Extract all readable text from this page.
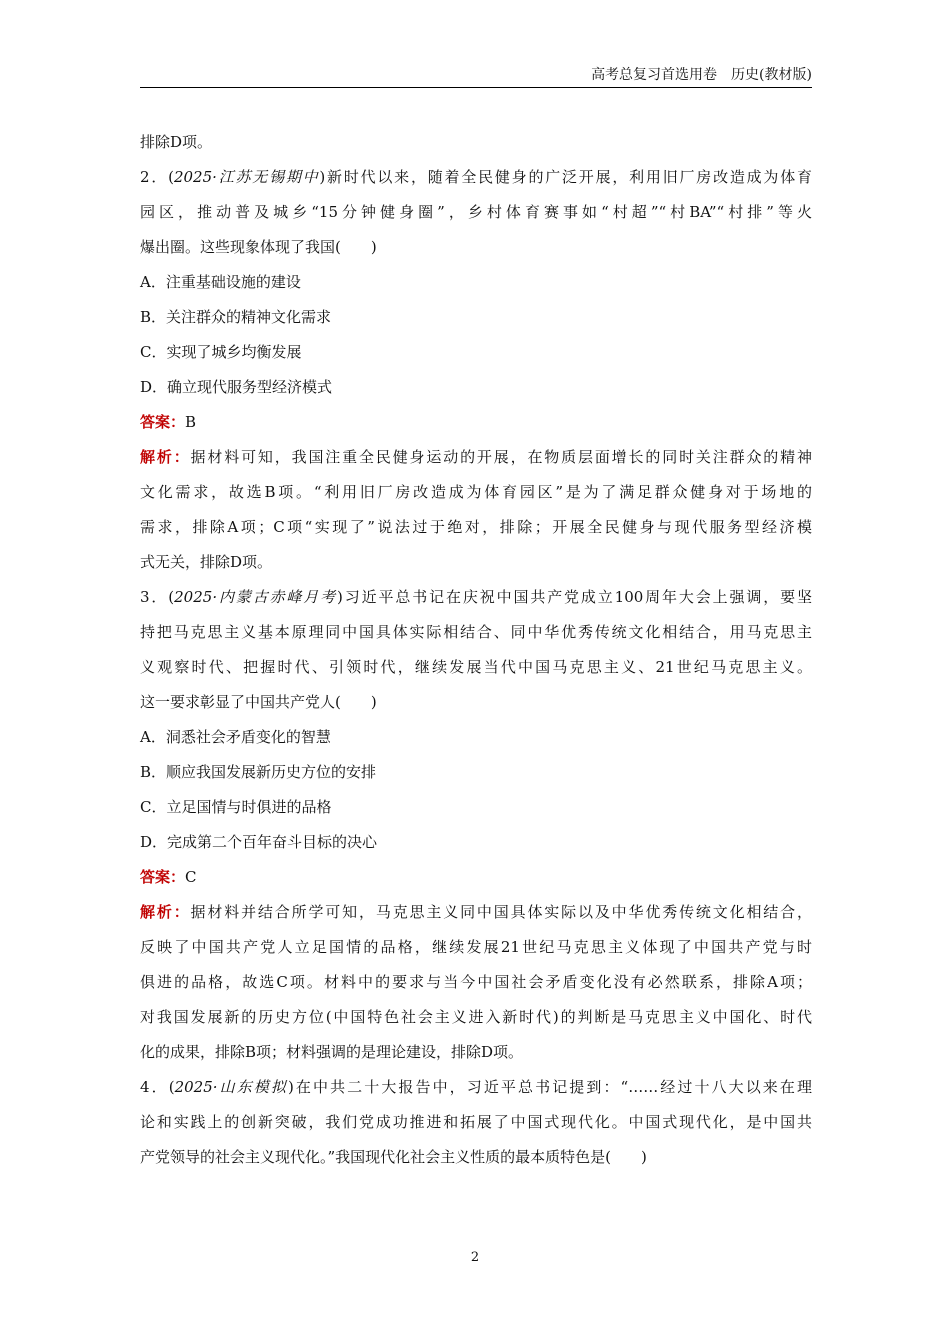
高考总复习首选用卷　历史(教材版)
排除D项。
2．(2025·江苏无锡期中)新时代以来，随着全民健身的广泛开展，利用旧厂房改造成为体育
园区，推动普及城乡“15分钟健身圈”，乡村体育赛事如“村超”“村BA”“村排”等火
爆出圈。这些现象体现了我国(　　)
A．注重基础设施的建设
B．关注群众的精神文化需求
C．实现了城乡均衡发展
D．确立现代服务型经济模式
答案：B
解析：据材料可知，我国注重全民健身运动的开展，在物质层面增长的同时关注群众的精神
文化需求，故选B项。“利用旧厂房改造成为体育园区”是为了满足群众健身对于场地的
需求，排除A项；C项“实现了”说法过于绝对，排除；开展全民健身与现代服务型经济模
式无关，排除D项。
3．(2025·内蒙古赤峰月考)习近平总书记在庆祝中国共产党成立100周年大会上强调，要坚
持把马克思主义基本原理同中国具体实际相结合、同中华优秀传统文化相结合，用马克思主
义观察时代、把握时代、引领时代，继续发展当代中国马克思主义、21世纪马克思主义。
这一要求彰显了中国共产党人(　　)
A．洞悉社会矛盾变化的智慧
B．顺应我国发展新历史方位的安排
C．立足国情与时俱进的品格
D．完成第二个百年奋斗目标的决心
答案：C
解析：据材料并结合所学可知，马克思主义同中国具体实际以及中华优秀传统文化相结合，
反映了中国共产党人立足国情的品格，继续发展21世纪马克思主义体现了中国共产党与时
俱进的品格，故选C项。材料中的要求与当今中国社会矛盾变化没有必然联系，排除A项；
对我国发展新的历史方位(中国特色社会主义进入新时代)的判断是马克思主义中国化、时代
化的成果，排除B项；材料强调的是理论建设，排除D项。
4．(2025·山东模拟)在中共二十大报告中，习近平总书记提到：“……经过十八大以来在理
论和实践上的创新突破，我们党成功推进和拓展了中国式现代化。中国式现代化，是中国共
产党领导的社会主义现代化。”我国现代化社会主义性质的最本质特色是(　　)
2
